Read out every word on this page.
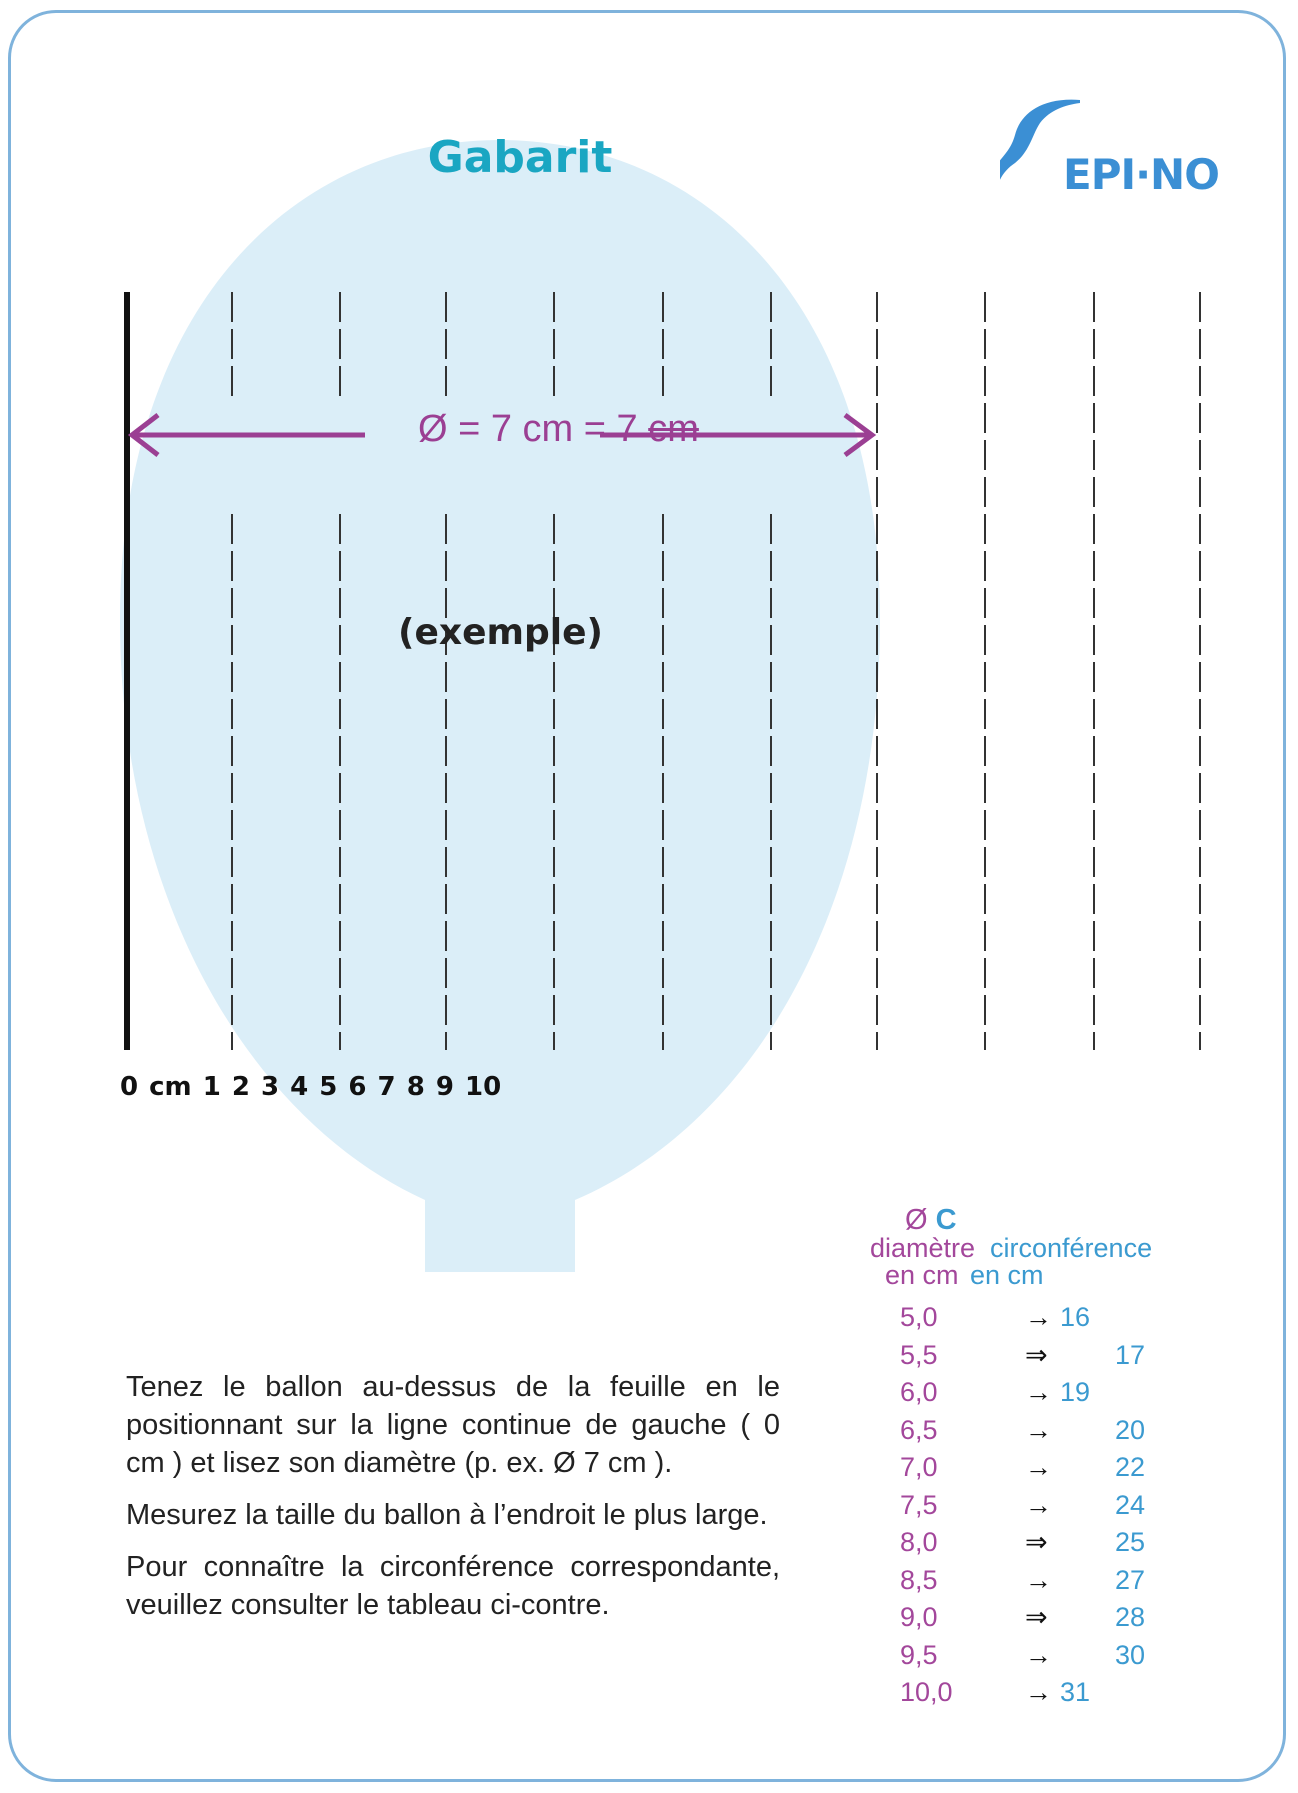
Gabarit	EPI·NO
Ø = 7 cm = 7 cm
(exemple)
0 cm 1 2 3 4 5 6 7 8 9 10
Ø C
diamètre circonférence
en cm en cm
5,0	→ 16
5,5	⇒ 17
6,0	→ 19
6,5	→ 20
7,0	→ 22
7,5	→ 24
8,0	⇒ 25
8,5	→ 27
9,0	⇒ 28
9,5	→ 30
10,0	→ 31

Tenez le ballon au-dessus de la feuille en le positionnant sur la ligne continue de gauche ( 0 cm ) et lisez son diamètre (p. ex. Ø 7 cm ).

Mesurez la taille du ballon à l’endroit le plus large.

Pour connaître la circonférence correspondante, veuillez consulter le tableau ci-contre.
